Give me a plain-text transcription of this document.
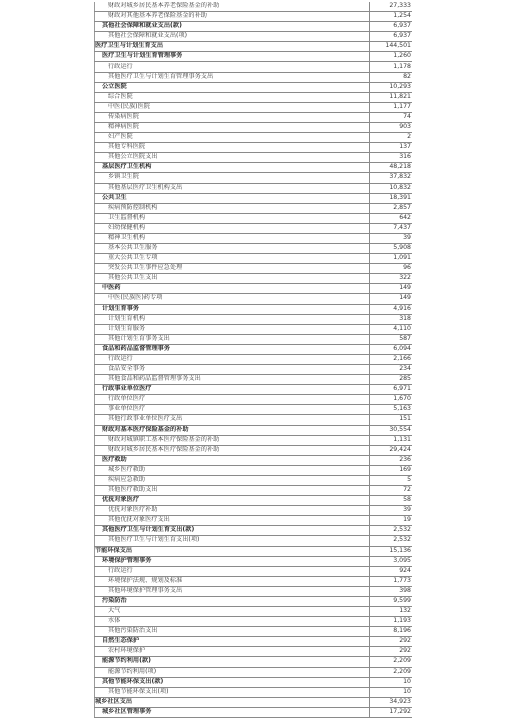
财政对城乡居民基本养老保险基金的补助	27,333
财政对其他基本养老保险基金的补助	1,254
其他社会保障和就业支出(款)	6,937
其他社会保障和就业支出(项)	6,937
医疗卫生与计划生育支出	144,501
医疗卫生与计划生育管理事务	1,260
行政运行	1,178
其他医疗卫生与计划生育管理事务支出	82
公立医院	10,293
综合医院	11,821
中医(民族)医院	1,177
传染病医院	74
精神病医院	903
妇产医院	2
其他专科医院	137
其他公立医院支出	316
基层医疗卫生机构	48,218
乡镇卫生院	37,832
其他基层医疗卫生机构支出	10,832
公共卫生	18,391
疾病预防控制机构	2,857
卫生监督机构	642
妇幼保健机构	7,437
精神卫生机构	39
基本公共卫生服务	5,908
重大公共卫生专项	1,091
突发公共卫生事件应急处理	96
其他公共卫生支出	322
中医药	149
中医(民族医)药专项	149
计划生育事务	4,916
计划生育机构	318
计划生育服务	4,110
其他计划生育事务支出	587
食品和药品监督管理事务	6,094
行政运行	2,166
食品安全事务	234
其他食品和药品监督管理事务支出	285
行政事业单位医疗	6,971
行政单位医疗	1,670
事业单位医疗	5,163
其他行政事业单位医疗支出	151
财政对基本医疗保险基金的补助	30,554
财政对城镇职工基本医疗保险基金的补助	1,131
财政对城乡居民基本医疗保险基金的补助	29,424
医疗救助	236
城乡医疗救助	169
疾病应急救助	5
其他医疗救助支出	72
优抚对象医疗	58
优抚对象医疗补助	39
其他优抚对象医疗支出	19
其他医疗卫生与计划生育支出(款)	2,532
其他医疗卫生与计划生育支出(项)	2,532
节能环保支出	15,136
环境保护管理事务	3,095
行政运行	924
环境保护法规、规划及标准	1,773
其他环境保护管理事务支出	398
污染防治	9,599
大气	132
水体	1,193
其他污染防治支出	8,196
自然生态保护	292
农村环境保护	292
能源节约利用(款)	2,209
能源节约利用(项)	2,209
其他节能环保支出(款)	10
其他节能环保支出(项)	10
城乡社区支出	34,923
城乡社区管理事务	17,292
